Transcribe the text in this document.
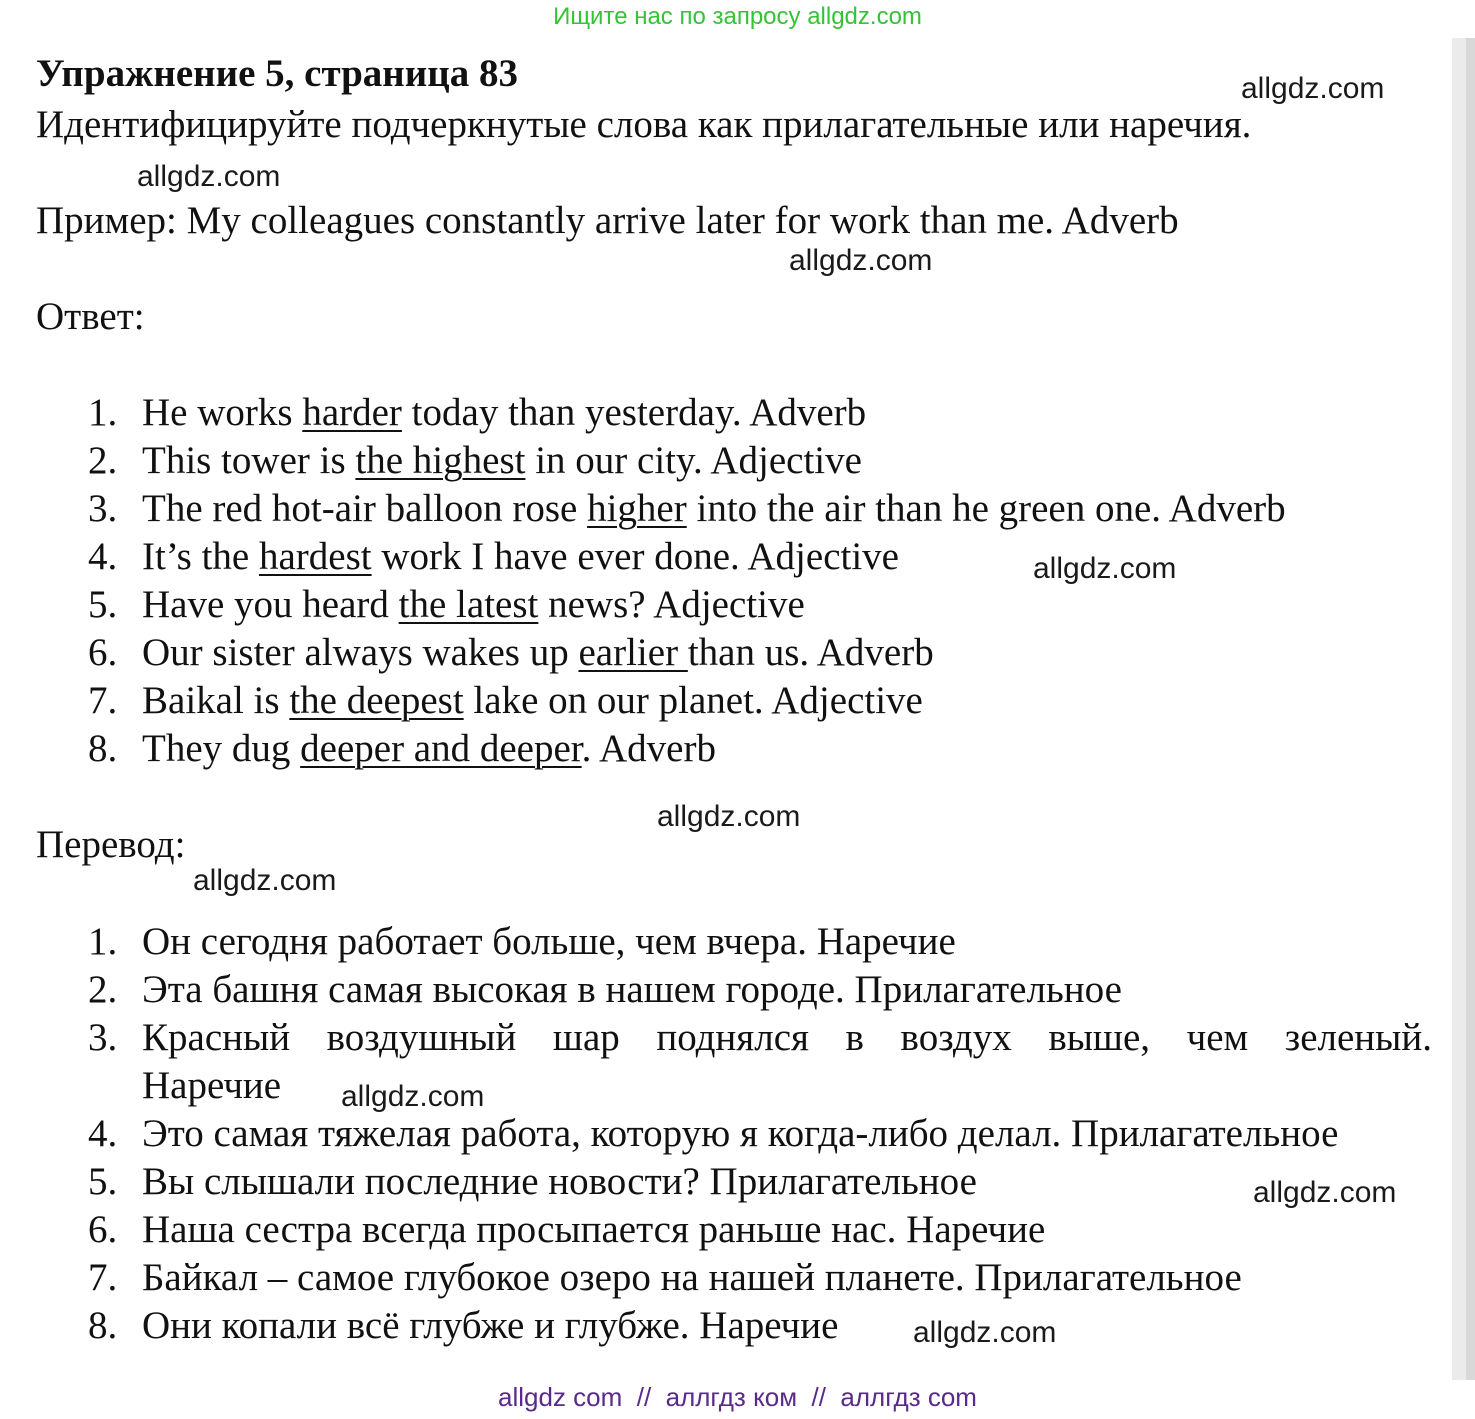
Ищите нас по запросу allgdz.com
Упражнение 5, страница 83
Идентифицируйте подчеркнутые слова как прилагательные или наречия.
Пример: My colleagues constantly arrive later for work than me. Adverb
Ответ:
1. He works harder today than yesterday. Adverb
2. This tower is the highest in our city. Adjective
3. The red hot-air balloon rose higher into the air than he green one. Adverb
4. It’s the hardest work I have ever done. Adjective
5. Have you heard the latest news? Adjective
6. Our sister always wakes up earlier than us. Adverb
7. Baikal is the deepest lake on our planet. Adjective
8. They dug deeper and deeper. Adverb
Перевод:
1. Он сегодня работает больше, чем вчера. Наречие
2. Эта башня самая высокая в нашем городе. Прилагательное
3. Красный воздушный шар поднялся в воздух выше, чем зеленый.
Наречие
4. Это самая тяжелая работа, которую я когда-либо делал. Прилагательное
5. Вы слышали последние новости? Прилагательное
6. Наша сестра всегда просыпается раньше нас. Наречие
7. Байкал – самое глубокое озеро на нашей планете. Прилагательное
8. Они копали всё глубже и глубже. Наречие
allgdz.com
allgdz.com
allgdz.com
allgdz.com
allgdz.com
allgdz.com
allgdz.com
allgdz.com
allgdz.com
allgdz com  //  аллгдз ком  //  аллгдз com
